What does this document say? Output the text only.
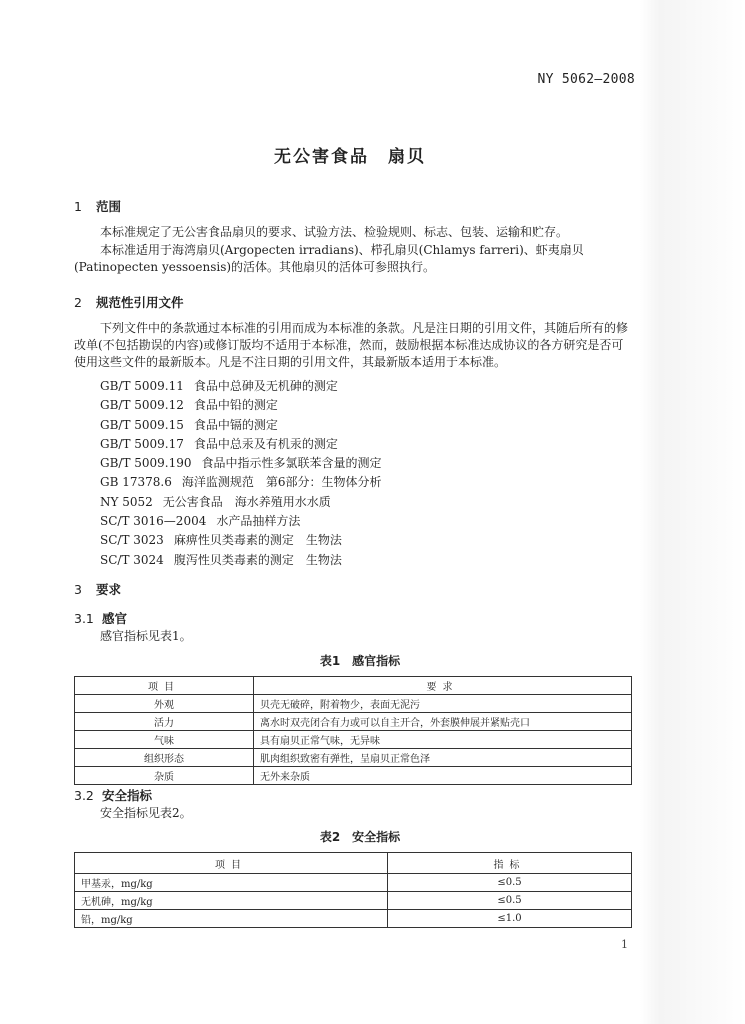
NY 5062—2008
无公害食品　扇贝
1 范围
本标准规定了无公害食品扇贝的要求、试验方法、检验规则、标志、包装、运输和贮存。
本标准适用于海湾扇贝(Argopecten irradians)、栉孔扇贝(Chlamys farreri)、虾夷扇贝(Patinopecten yessoensis)的活体。其他扇贝的活体可参照执行。
2 规范性引用文件
下列文件中的条款通过本标准的引用而成为本标准的条款。凡是注日期的引用文件，其随后所有的修改单(不包括勘误的内容)或修订版均不适用于本标准，然而，鼓励根据本标准达成协议的各方研究是否可使用这些文件的最新版本。凡是不注日期的引用文件，其最新版本适用于本标准。
GB/T 5009.11 食品中总砷及无机砷的测定
GB/T 5009.12 食品中铅的测定
GB/T 5009.15 食品中镉的测定
GB/T 5009.17 食品中总汞及有机汞的测定
GB/T 5009.190 食品中指示性多氯联苯含量的测定
GB 17378.6 海洋监测规范　第6部分：生物体分析
NY 5052 无公害食品　海水养殖用水水质
SC/T 3016—2004 水产品抽样方法
SC/T 3023 麻痹性贝类毒素的测定　生物法
SC/T 3024 腹泻性贝类毒素的测定　生物法
3 要求
3.1 感官
感官指标见表1。
表1　感官指标
项目	要求
外观	贝壳无破碎，附着物少，表面无泥污
活力	离水时双壳闭合有力或可以自主开合，外套膜伸展并紧贴壳口
气味	具有扇贝正常气味，无异味
组织形态	肌肉组织致密有弹性，呈扇贝正常色泽
杂质	无外来杂质
3.2 安全指标
安全指标见表2。
表2　安全指标
项目	指标
甲基汞，mg/kg	≤0.5
无机砷，mg/kg	≤0.5
铅，mg/kg	≤1.0
1
